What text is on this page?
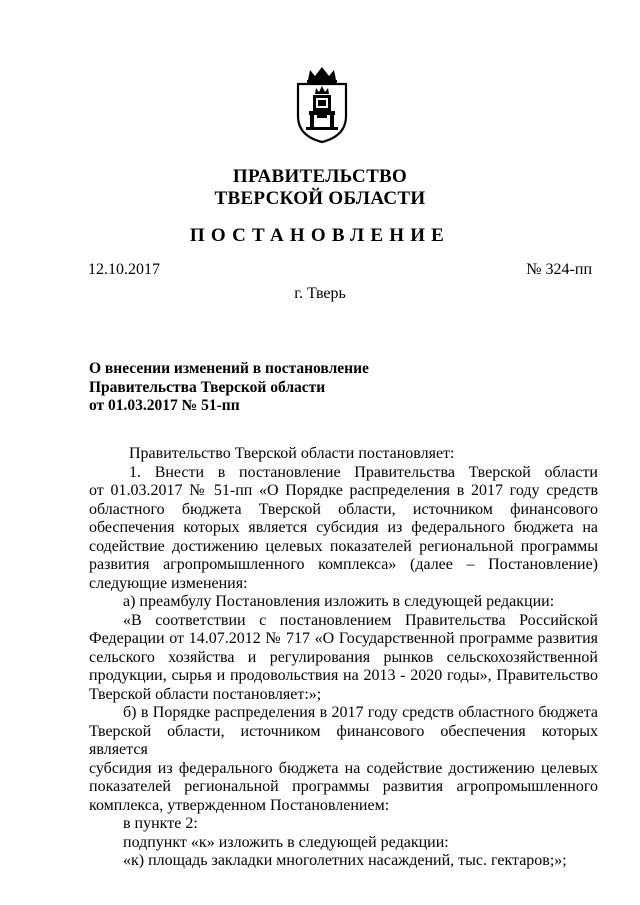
ПРАВИТЕЛЬСТВО
ТВЕРСКОЙ ОБЛАСТИ
ПОСТАНОВЛЕНИЕ
12.10.2017	№ 324-пп
г. Тверь
О внесении изменений в постановление
Правительства Тверской области
от 01.03.2017 № 51-пп
Правительство Тверской области постановляет:
1. Внести в постановление Правительства Тверской области
от 01.03.2017 № 51-пп «О Порядке распределения в 2017 году средств
областного бюджета Тверской области, источником финансового
обеспечения которых является субсидия из федерального бюджета на
содействие достижению целевых показателей региональной программы
развития агропромышленного комплекса» (далее – Постановление)
следующие изменения:
а) преамбулу Постановления изложить в следующей редакции:
«В соответствии с постановлением Правительства Российской
Федерации от 14.07.2012 № 717 «О Государственной программе развития
сельского хозяйства и регулирования рынков сельскохозяйственной
продукции, сырья и продовольствия на 2013 - 2020 годы», Правительство
Тверской области постановляет:»;
б) в Порядке распределения в 2017 году средств областного бюджета
Тверской области, источником финансового обеспечения которых является
субсидия из федерального бюджета на содействие достижению целевых
показателей региональной программы развития агропромышленного
комплекса, утвержденном Постановлением:
в пункте 2:
подпункт «к» изложить в следующей редакции:
«к) площадь закладки многолетних насаждений, тыс. гектаров;»;
